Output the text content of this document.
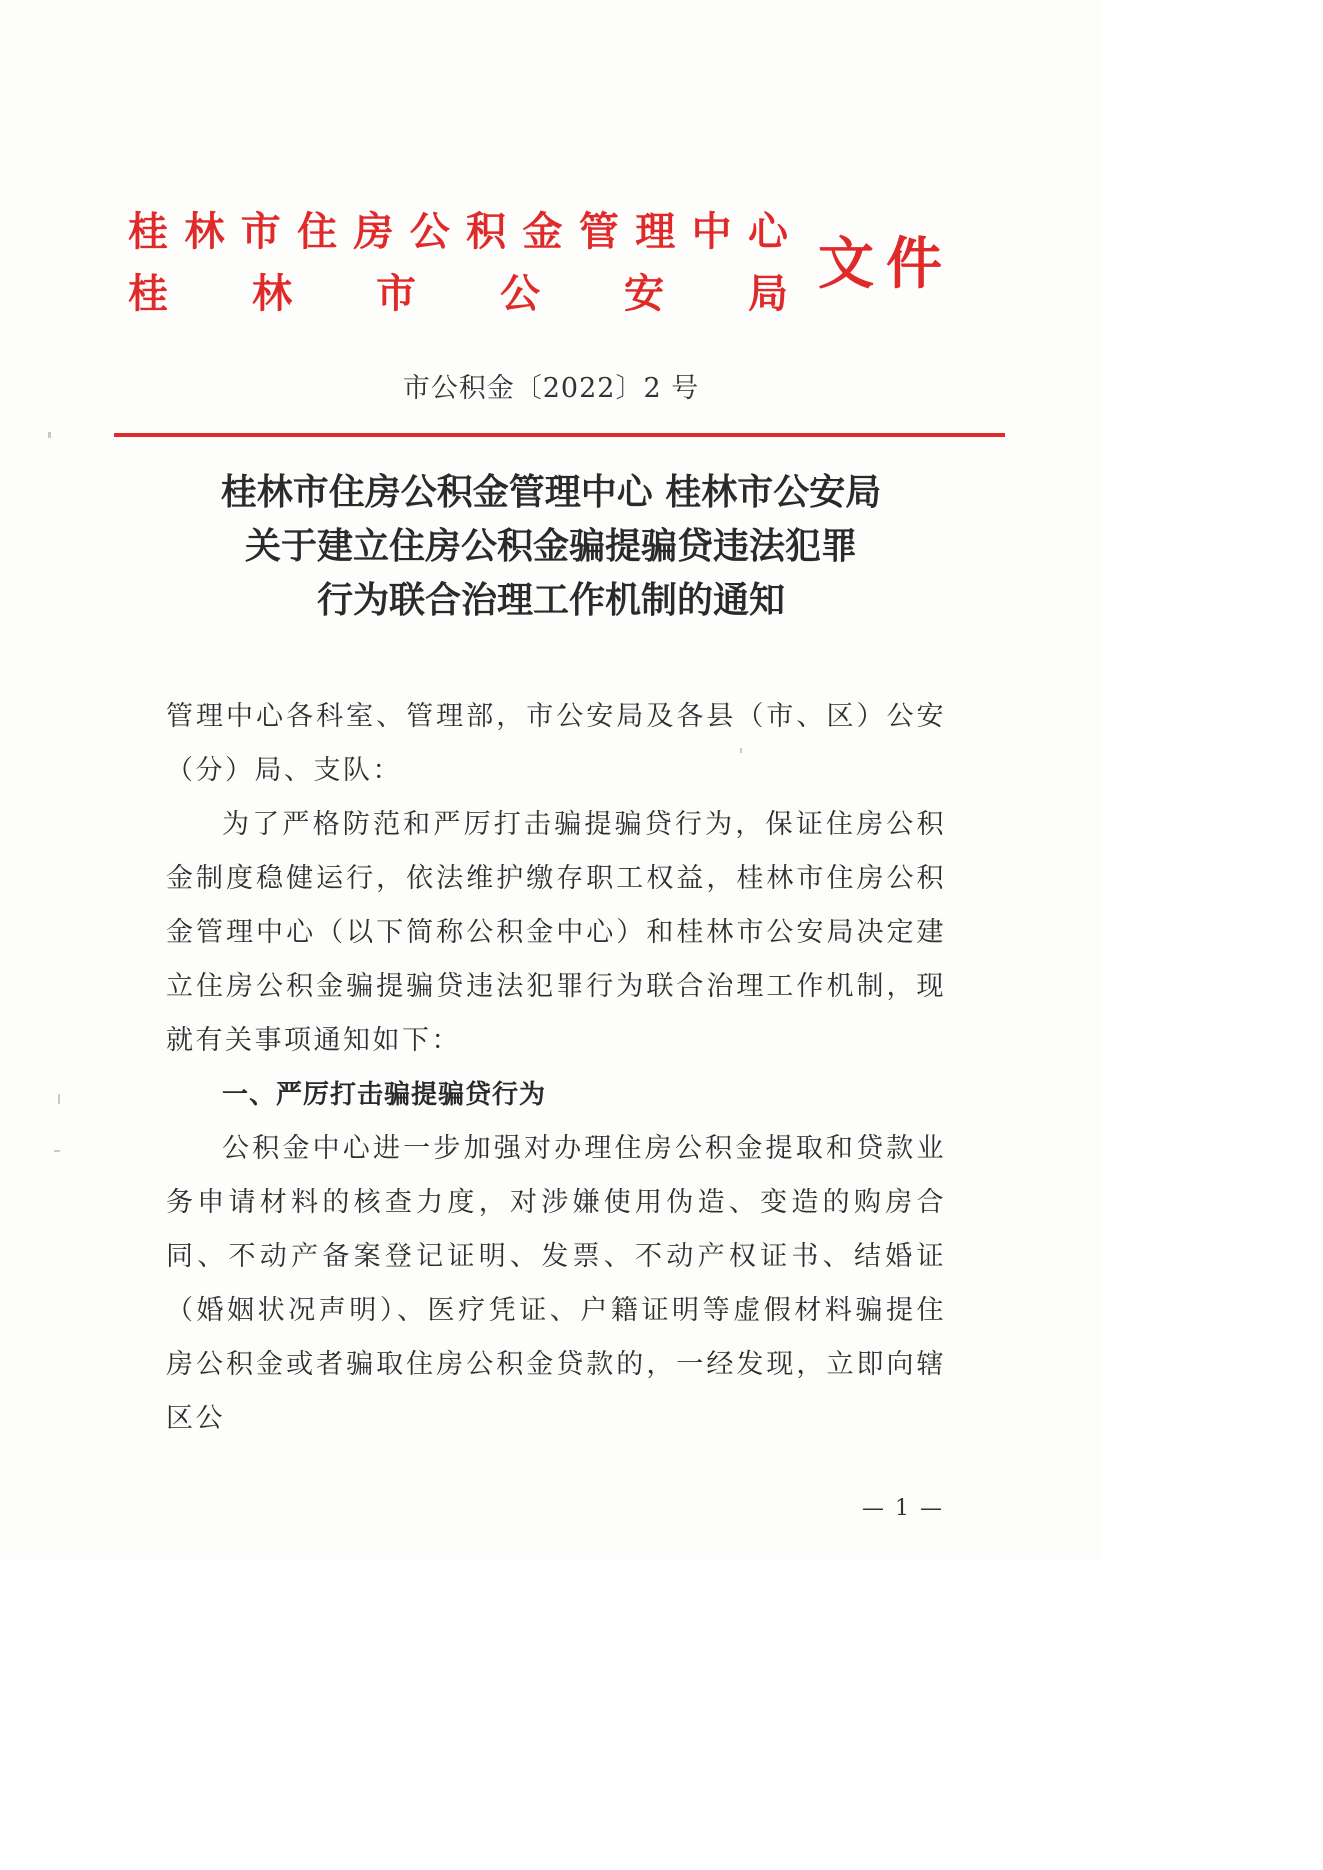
桂 林 市 住 房 公 积 金 管 理 中 心
桂 林 市 公 安 局 文件
市公积金〔2022〕2 号
桂林市住房公积金管理中心 桂林市公安局
关于建立住房公积金骗提骗贷违法犯罪
行为联合治理工作机制的通知

管理中心各科室、管理部，市公安局及各县（市、区）公安（分）局、支队：

为了严格防范和严厉打击骗提骗贷行为，保证住房公积金制度稳健运行，依法维护缴存职工权益，桂林市住房公积金管理中心（以下简称公积金中心）和桂林市公安局决定建立住房公积金骗提骗贷违法犯罪行为联合治理工作机制，现就有关事项通知如下：

一、严厉打击骗提骗贷行为

公积金中心进一步加强对办理住房公积金提取和贷款业务申请材料的核查力度，对涉嫌使用伪造、变造的购房合同、不动产备案登记证明、发票、不动产权证书、结婚证（婚姻状况声明）、医疗凭证、户籍证明等虚假材料骗提住房公积金或者骗取住房公积金贷款的，一经发现，立即向辖区公

— 1 —
